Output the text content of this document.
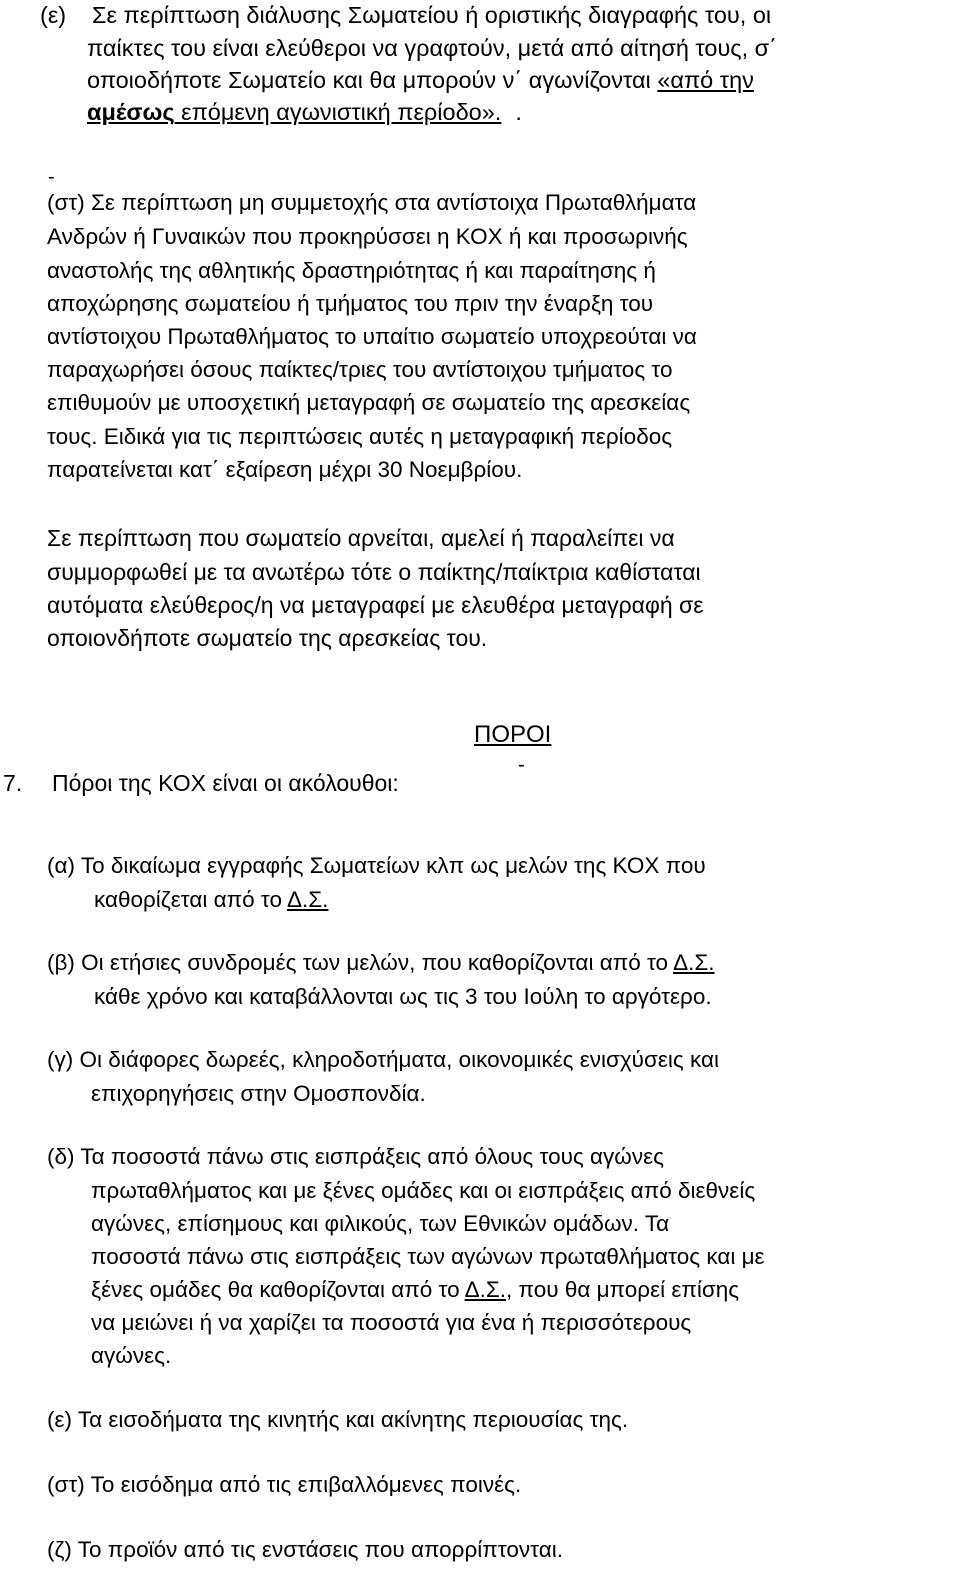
(ε) Σε περίπτωση διάλυσης Σωματείου ή οριστικής διαγραφής του, οι
παίκτες του είναι ελεύθεροι να γραφτούν, μετά από αίτησή τους, σ΄
οποιοδήποτε Σωματείο και θα μπορούν ν΄ αγωνίζονται «από την
αμέσως επόμενη αγωνιστική περίοδο». .
-
(στ) Σε περίπτωση μη συμμετοχής στα αντίστοιχα Πρωταθλήματα
Ανδρών ή Γυναικών που προκηρύσσει η ΚΟΧ ή και προσωρινής
αναστολής της αθλητικής δραστηριότητας ή και παραίτησης ή
αποχώρησης σωματείου ή τμήματος του πριν την έναρξη του
αντίστοιχου Πρωταθλήματος το υπαίτιο σωματείο υποχρεούται να
παραχωρήσει όσους παίκτες/τριες του αντίστοιχου τμήματος το
επιθυμούν με υποσχετική μεταγραφή σε σωματείο της αρεσκείας
τους. Ειδικά για τις περιπτώσεις αυτές η μεταγραφική περίοδος
παρατείνεται κατ΄ εξαίρεση μέχρι 30 Νοεμβρίου.
Σε περίπτωση που σωματείο αρνείται, αμελεί ή παραλείπει να
συμμορφωθεί με τα ανωτέρω τότε ο παίκτης/παίκτρια καθίσταται
αυτόματα ελεύθερος/η να μεταγραφεί με ελευθέρα μεταγραφή σε
οποιονδήποτε σωματείο της αρεσκείας του.
ΠΟΡΟΙ
-
7. Πόροι της ΚΟΧ είναι οι ακόλουθοι:
(α) Το δικαίωμα εγγραφής Σωματείων κλπ ως μελών της ΚΟΧ που
καθορίζεται από το Δ.Σ.
(β) Οι ετήσιες συνδρομές των μελών, που καθορίζονται από το Δ.Σ.
κάθε χρόνο και καταβάλλονται ως τις 3 του Ιούλη το αργότερο.
(γ) Οι διάφορες δωρεές, κληροδοτήματα, οικονομικές ενισχύσεις και
επιχορηγήσεις στην Ομοσπονδία.
(δ) Τα ποσοστά πάνω στις εισπράξεις από όλους τους αγώνες
πρωταθλήματος και με ξένες ομάδες και οι εισπράξεις από διεθνείς
αγώνες, επίσημους και φιλικούς, των Εθνικών ομάδων. Τα
ποσοστά πάνω στις εισπράξεις των αγώνων πρωταθλήματος και με
ξένες ομάδες θα καθορίζονται από το Δ.Σ., που θα μπορεί επίσης
να μειώνει ή να χαρίζει τα ποσοστά για ένα ή περισσότερους
αγώνες.
(ε) Τα εισοδήματα της κινητής και ακίνητης περιουσίας της.
(στ) Το εισόδημα από τις επιβαλλόμενες ποινές.
(ζ) Το προϊόν από τις ενστάσεις που απορρίπτονται.
